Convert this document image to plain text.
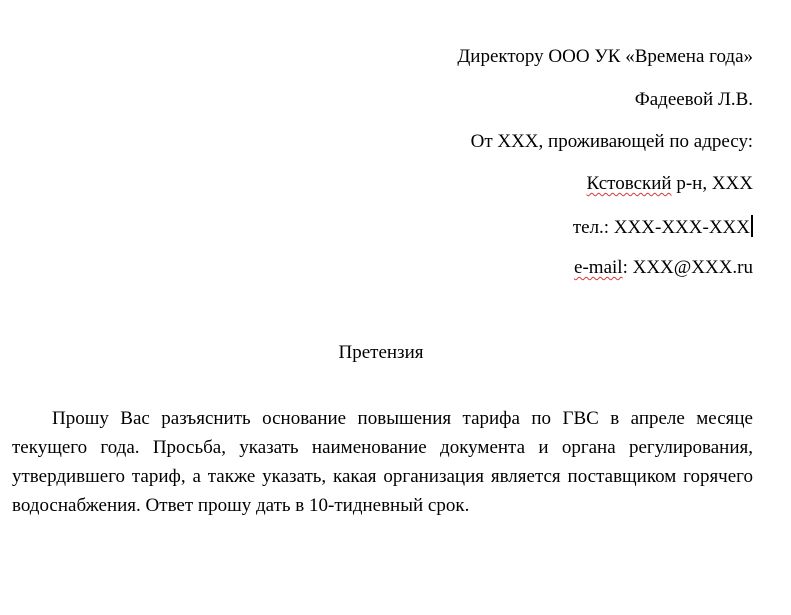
Директору ООО УК «Времена года»
Фадеевой Л.В.
От ХХХ, проживающей по адресу:
Кстовский р-н, ХХХ
тел.: ХХХ-ХХХ-ХХХ
e-mail: ХХХ@ХХХ.ru
Претензия

Прошу Вас разъяснить основание повышения тарифа по ГВС в апреле месяце текущего года. Просьба, указать наименование документа и органа регулирования, утвердившего тариф, а также указать, какая организация является поставщиком горячего водоснабжения. Ответ прошу дать в 10-тидневный срок.
